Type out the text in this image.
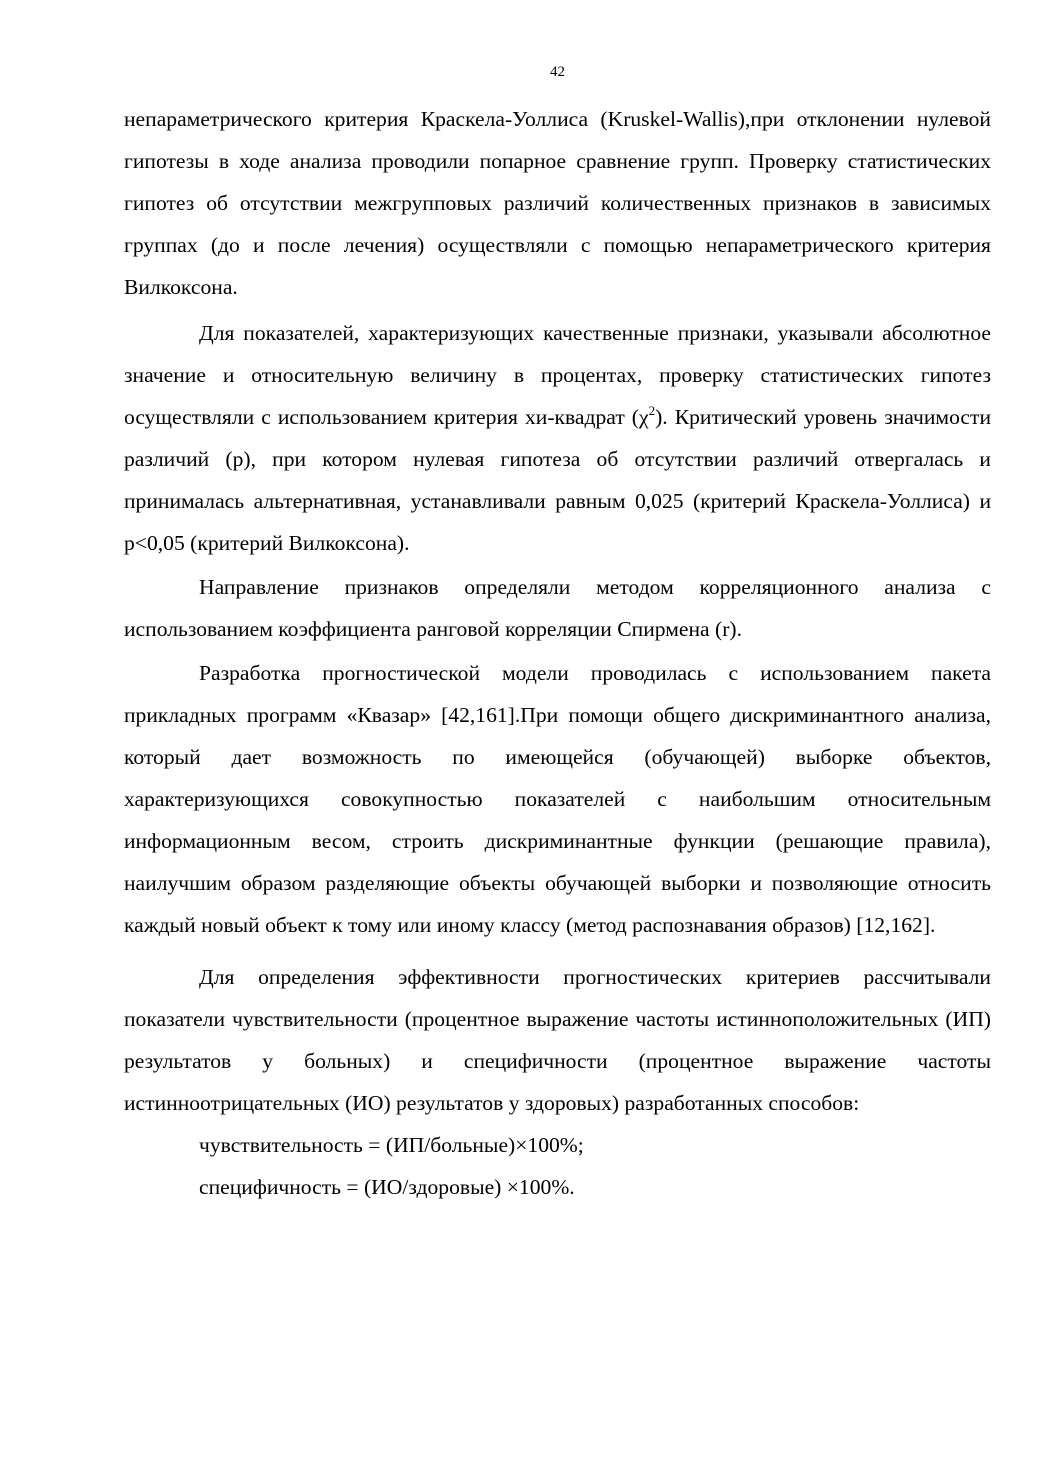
42

непараметрического критерия Краскела-Уоллиса (Kruskel-Wallis),при отклонении нулевой гипотезы в ходе анализа проводили попарное сравнение групп. Проверку статистических гипотез об отсутствии межгрупповых различий количественных признаков в зависимых группах (до и после лечения) осуществляли с помощью непараметрического критерия Вилкоксона.

Для показателей, характеризующих качественные признаки, указывали абсолютное значение и относительную величину в процентах, проверку статистических гипотез осуществляли с использованием критерия хи-квадрат $(\chi^2)$. Критический уровень значимости различий (р), при котором нулевая гипотеза об отсутствии различий отвергалась и принималась альтернативная, устанавливали равным 0,025 (критерий Краскела-Уоллиса) и р<0,05 (критерий Вилкоксона).

Направление признаков определяли методом корреляционного анализа с использованием коэффициента ранговой корреляции Спирмена (r).

Разработка прогностической модели проводилась с использованием пакета прикладных программ «Квазар» [42,161].При помощи общего дискриминантного анализа, который дает возможность по имеющейся (обучающей) выборке объектов, характеризующихся совокупностью показателей с наибольшим относительным информационным весом, строить дискриминантные функции (решающие правила), наилучшим образом разделяющие объекты обучающей выборки и позволяющие относить каждый новый объект к тому или иному классу (метод распознавания образов) [12,162].

Для определения эффективности прогностических критериев рассчитывали показатели чувствительности (процентное выражение частоты истинноположительных (ИП) результатов у больных) и специфичности (процентное выражение частоты истинноотрицательных (ИО) результатов у здоровых) разработанных способов:

чувствительность = (ИП/больные)×100%;

специфичность = (ИО/здоровые) ×100%.
